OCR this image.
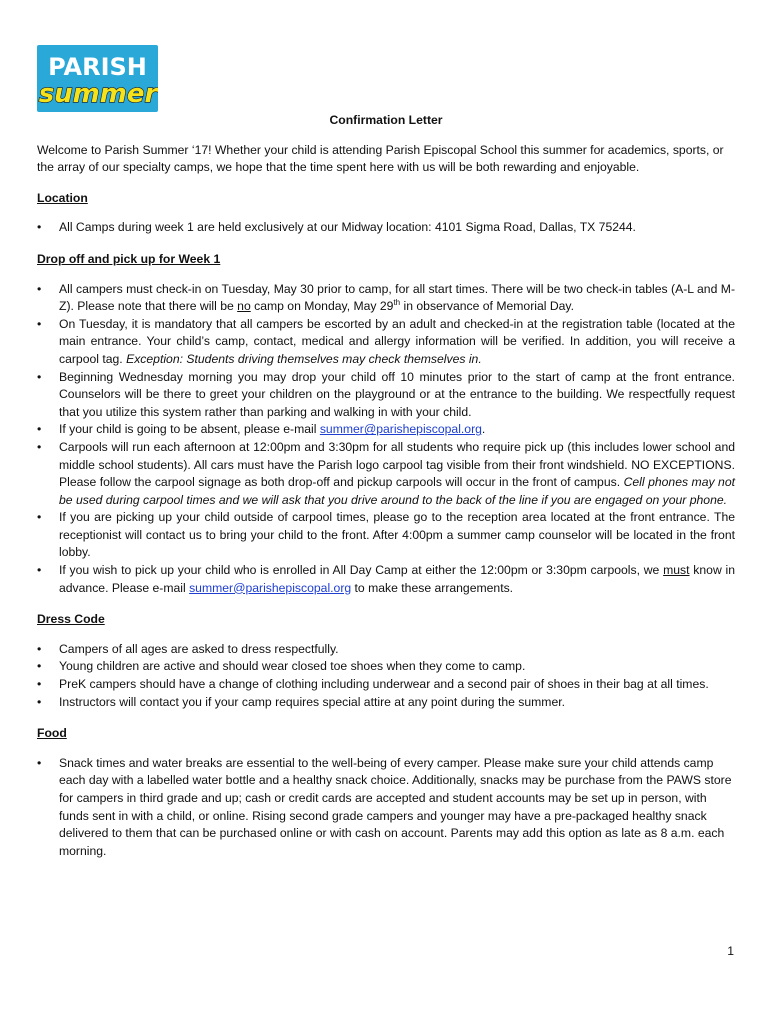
PARISH
summer
Confirmation Letter

Welcome to Parish Summer ‘17! Whether your child is attending Parish Episcopal School this summer for academics, sports, or the array of our specialty camps, we hope that the time spent here with us will be both rewarding and enjoyable.

Location
• All Camps during week 1 are held exclusively at our Midway location: 4101 Sigma Road, Dallas, TX 75244.
Drop off and pick up for Week 1
• All campers must check-in on Tuesday, May 30 prior to camp, for all start times. There will be two check-in tables (A-L and M-Z). Please note that there will be no camp on Monday, May 29th in observance of Memorial Day.
• On Tuesday, it is mandatory that all campers be escorted by an adult and checked-in at the registration table (located at the main entrance. Your child’s camp, contact, medical and allergy information will be verified. In addition, you will receive a carpool tag. Exception: Students driving themselves may check themselves in.
• Beginning Wednesday morning you may drop your child off 10 minutes prior to the start of camp at the front entrance. Counselors will be there to greet your children on the playground or at the entrance to the building. We respectfully request that you utilize this system rather than parking and walking in with your child.
• If your child is going to be absent, please e-mail summer@parishepiscopal.org.
• Carpools will run each afternoon at 12:00pm and 3:30pm for all students who require pick up (this includes lower school and middle school students). All cars must have the Parish logo carpool tag visible from their front windshield. NO EXCEPTIONS. Please follow the carpool signage as both drop-off and pickup carpools will occur in the front of campus. Cell phones may not be used during carpool times and we will ask that you drive around to the back of the line if you are engaged on your phone.
• If you are picking up your child outside of carpool times, please go to the reception area located at the front entrance. The receptionist will contact us to bring your child to the front. After 4:00pm a summer camp counselor will be located in the front lobby.
• If you wish to pick up your child who is enrolled in All Day Camp at either the 12:00pm or 3:30pm carpools, we must know in advance. Please e-mail summer@parishepiscopal.org to make these arrangements.
Dress Code
• Campers of all ages are asked to dress respectfully.
• Young children are active and should wear closed toe shoes when they come to camp.
• PreK campers should have a change of clothing including underwear and a second pair of shoes in their bag at all times.
• Instructors will contact you if your camp requires special attire at any point during the summer.
Food
• Snack times and water breaks are essential to the well-being of every camper. Please make sure your child attends camp each day with a labelled water bottle and a healthy snack choice. Additionally, snacks may be purchase from the PAWS store for campers in third grade and up; cash or credit cards are accepted and student accounts may be set up in person, with funds sent in with a child, or online. Rising second grade campers and younger may have a pre-packaged healthy snack delivered to them that can be purchased online or with cash on account. Parents may add this option as late as 8 a.m. each morning.
1
